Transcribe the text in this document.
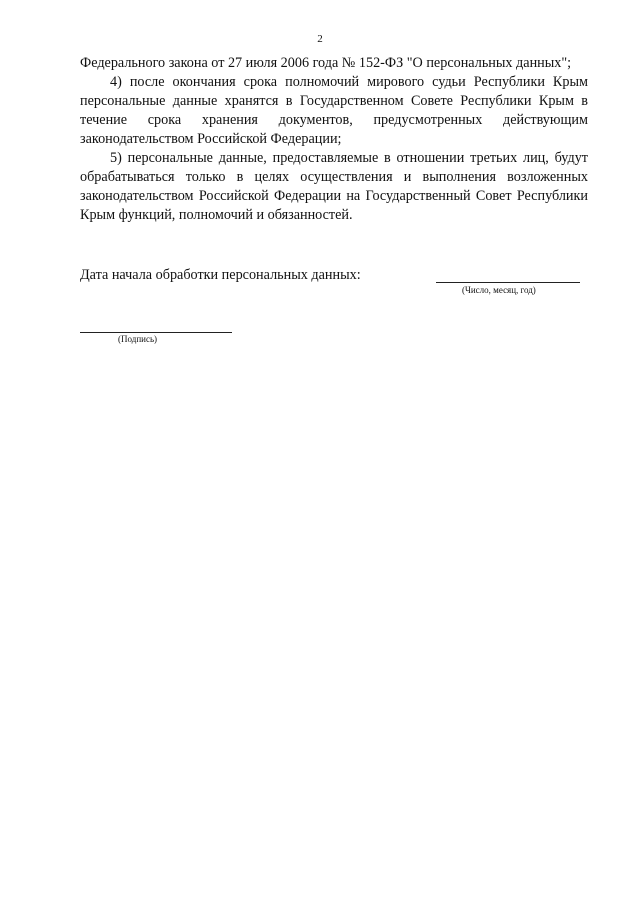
2

Федерального закона от 27 июля 2006 года № 152-ФЗ "О персональных данных";

4) после окончания срока полномочий мирового судьи Республики Крым персональные данные хранятся в Государственном Совете Республики Крым в течение срока хранения документов, предусмотренных действующим законодательством Российской Федерации;

5) персональные данные, предоставляемые в отношении третьих лиц, будут обрабатываться только в целях осуществления и выполнения возложенных законодательством Российской Федерации на Государственный Совет Республики Крым функций, полномочий и обязанностей.

Дата начала обработки персональных данных:
(Число, месяц, год)
(Подпись)
